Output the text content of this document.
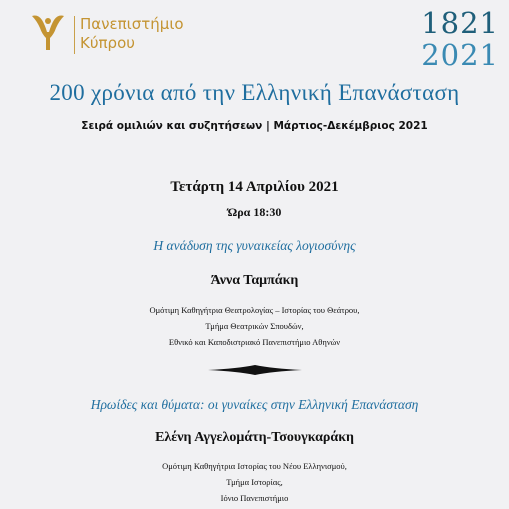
Πανεπιστήμιο
Κύπρου
1821
2021
200 χρόνια από την Ελληνική Επανάσταση
Σειρά ομιλιών και συζητήσεων | Μάρτιος-Δεκέμβριος 2021
Τετάρτη 14 Απριλίου 2021
Ώρα 18:30
Η ανάδυση της γυναικείας λογιοσύνης
Άννα Ταμπάκη
Ομότιμη Καθηγήτρια Θεατρολογίας – Ιστορίας του Θεάτρου,
Τμήμα Θεατρικών Σπουδών,
Εθνικό και Καποδιστριακό Πανεπιστήμιο Αθηνών
Ηρωίδες και θύματα: οι γυναίκες στην Ελληνική Επανάσταση
Ελένη Αγγελομάτη-Τσουγκαράκη
Ομότιμη Καθηγήτρια Ιστορίας του Νέου Ελληνισμού,
Τμήμα Ιστορίας,
Ιόνιο Πανεπιστήμιο
